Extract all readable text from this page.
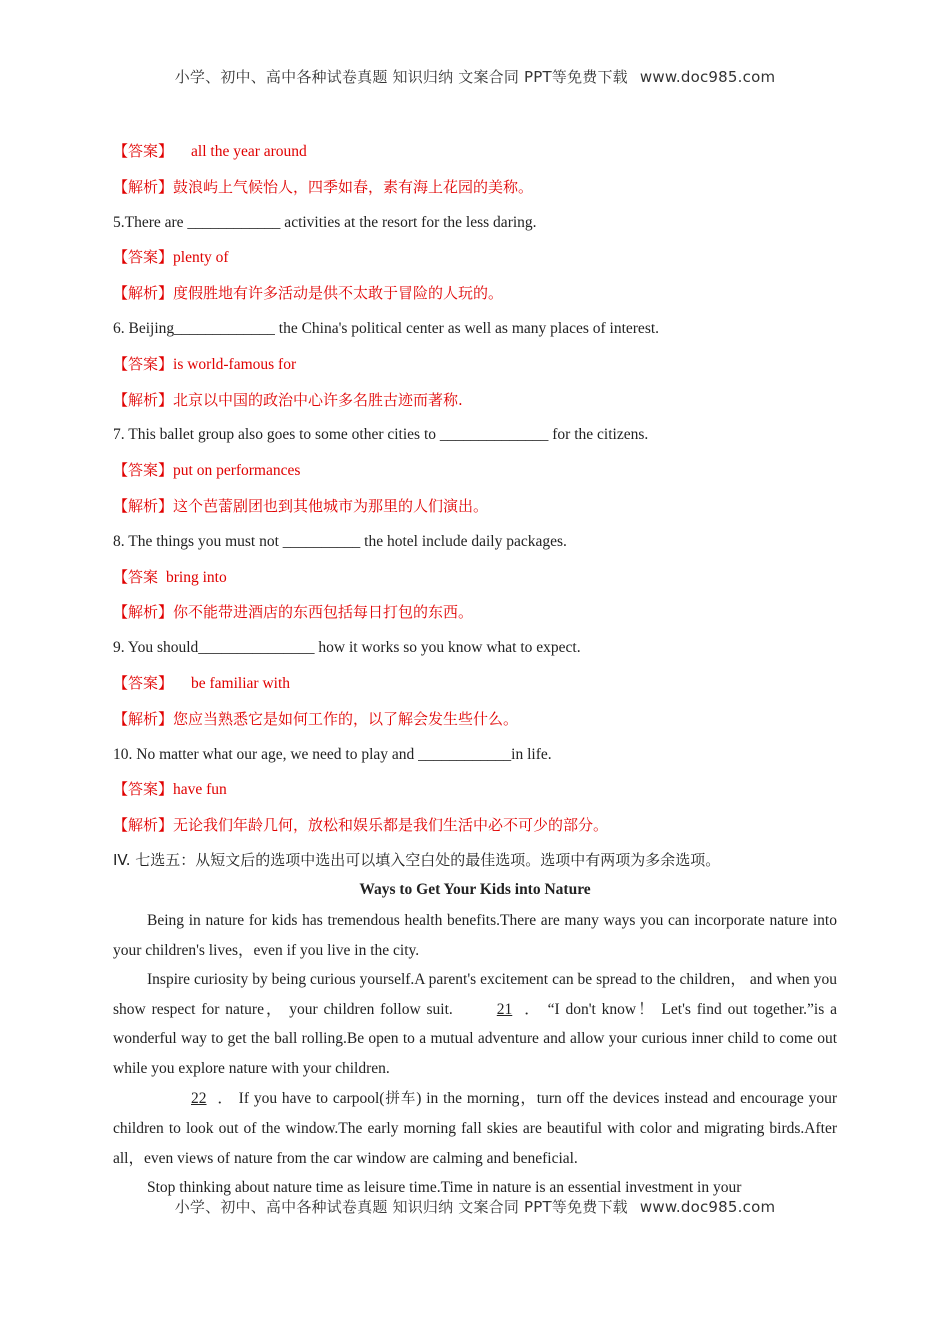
小学、初中、高中各种试卷真题 知识归纳 文案合同 PPT等免费下载 www.doc985.com
【答案】 all the year around
【解析】鼓浪屿上气候怡人，四季如春，素有海上花园的美称。
5.There are ____________ activities at the resort for the less daring.
【答案】plenty of
【解析】度假胜地有许多活动是供不太敢于冒险的人玩的。
6. Beijing_____________ the China's political center as well as many places of interest.
【答案】is world-famous for
【解析】北京以中国的政治中心许多名胜古迹而著称.
7. This ballet group also goes to some other cities to ______________ for the citizens.
【答案】put on performances
【解析】这个芭蕾剧团也到其他城市为那里的人们演出。
8. The things you must not __________ the hotel include daily packages.
【答案 bring into
【解析】你不能带进酒店的东西包括每日打包的东西。
9. You should_______________ how it works so you know what to expect.
【答案】 be familiar with
【解析】您应当熟悉它是如何工作的，以了解会发生些什么。
10. No matter what our age, we need to play and ____________in life.
【答案】have fun
【解析】无论我们年龄几何，放松和娱乐都是我们生活中必不可少的部分。
IV. 七选五：从短文后的选项中选出可以填入空白处的最佳选项。选项中有两项为多余选项。
Ways to Get Your Kids into Nature
Being in nature for kids has tremendous health benefits.There are many ways you can incorporate nature into your children's lives，even if you live in the city.
Inspire curiosity by being curious yourself.A parent's excitement can be spread to the children， and when you show respect for nature， your children follow suit.	21 ． “I don't know！ Let's find out together.”is a wonderful way to get the ball rolling.Be open to a mutual adventure and allow your curious inner child to come out while you explore nature with your children.
22 ． If you have to carpool(拼车) in the morning，turn off the devices instead and encourage your children to look out of the window.The early morning fall skies are beautiful with color and migrating birds.After all，even views of nature from the car window are calming and beneficial.
Stop thinking about nature time as leisure time.Time in nature is an essential investment in your
小学、初中、高中各种试卷真题 知识归纳 文案合同 PPT等免费下载 www.doc985.com
